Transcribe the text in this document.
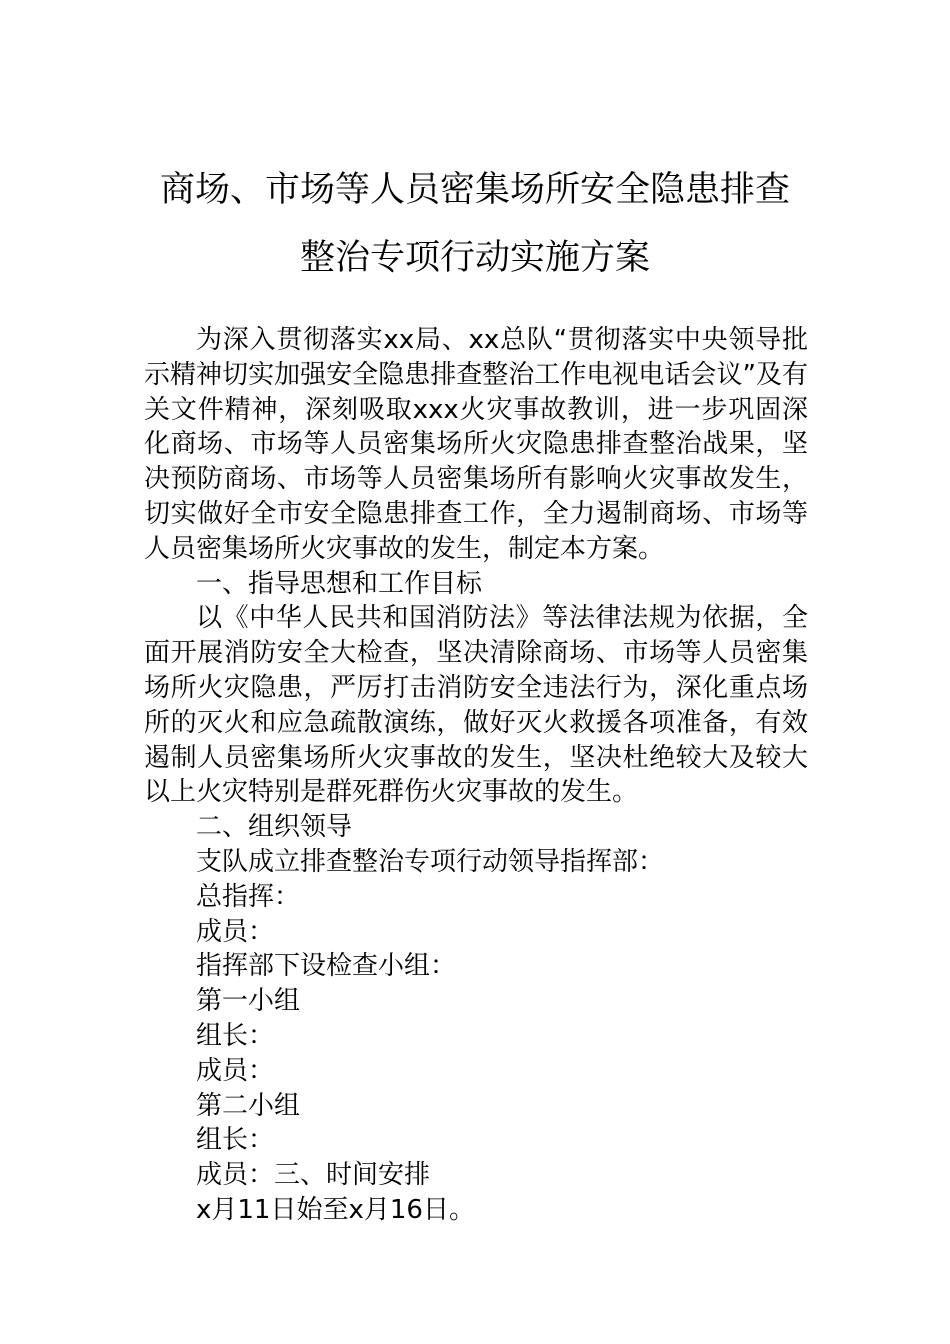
商场、市场等人员密集场所安全隐患排查
整治专项行动实施方案

为深入贯彻落实xx局、xx总队“贯彻落实中央领导批示精神切实加强安全隐患排查整治工作电视电话会议”及有关文件精神，深刻吸取xxx火灾事故教训，进一步巩固深化商场、市场等人员密集场所火灾隐患排查整治战果，坚决预防商场、市场等人员密集场所有影响火灾事故发生，切实做好全市安全隐患排查工作，全力遏制商场、市场等人员密集场所火灾事故的发生，制定本方案。

一、指导思想和工作目标

以《中华人民共和国消防法》等法律法规为依据，全面开展消防安全大检查，坚决清除商场、市场等人员密集场所火灾隐患，严厉打击消防安全违法行为，深化重点场所的灭火和应急疏散演练，做好灭火救援各项准备，有效遏制人员密集场所火灾事故的发生，坚决杜绝较大及较大以上火灾特别是群死群伤火灾事故的发生。

二、组织领导

支队成立排查整治专项行动领导指挥部：

总指挥：

成员：

指挥部下设检查小组：

第一小组

组长：

成员：

第二小组

组长：

成员：三、时间安排

x月11日始至x月16日。
